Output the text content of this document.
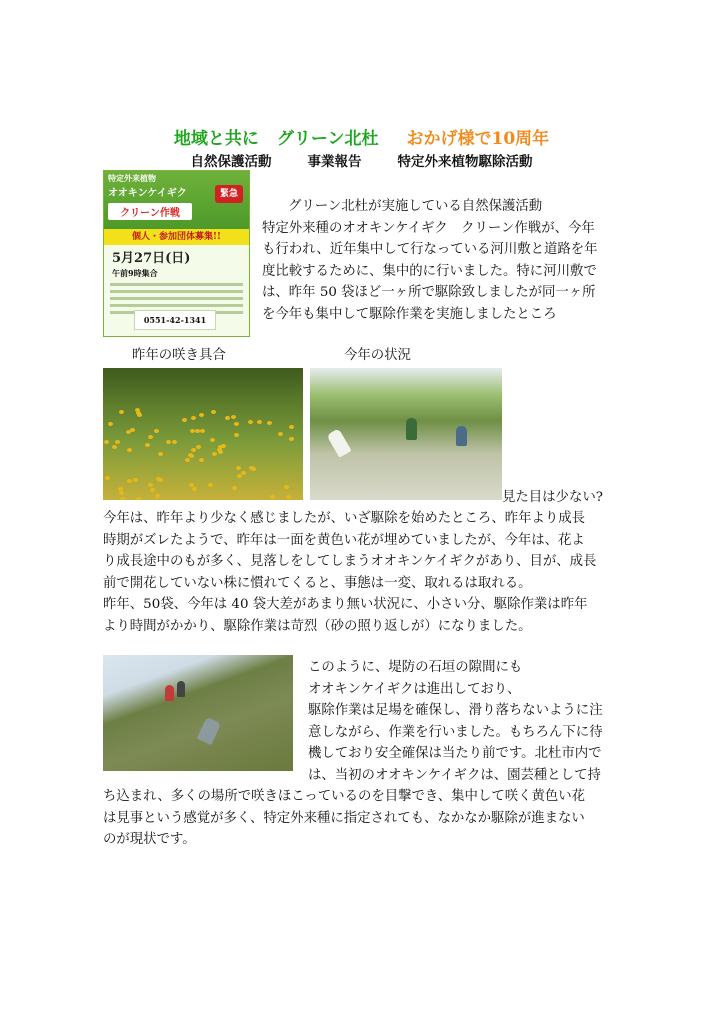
地域と共に グリーン北杜 おかげ様で10周年
自然保護活動	事業報告	特定外来植物駆除活動
特定外来植物
オオキンケイギク
クリーン作戦
緊急
個人・参加団体募集!!
5月27日(日)
午前9時集合
0551-42-1341
グリーン北杜が実施している自然保護活動
特定外来種のオオキンケイギク　クリーン作戦が、今年
も行われ、近年集中して行なっている河川敷と道路を年
度比較するために、集中的に行いました。特に河川敷で
は、昨年 50 袋ほど一ヶ所で駆除致しましたが同一ヶ所
を今年も集中して駆除作業を実施しましたところ
昨年の咲き具合	今年の状況
見た目は少ない?
今年は、昨年より少なく感じましたが、いざ駆除を始めたところ、昨年より成長
時期がズレたようで、昨年は一面を黄色い花が埋めていましたが、今年は、花よ
り成長途中のもが多く、見落しをしてしまうオオキンケイギクがあり、目が、成長
前で開花していない株に慣れてくると、事態は一変、取れるは取れる。
昨年、50袋、今年は 40 袋大差があまり無い状況に、小さい分、駆除作業は昨年
より時間がかかり、駆除作業は苛烈（砂の照り返しが）になりました。
このように、堤防の石垣の隙間にも
オオキンケイギクは進出しており、
駆除作業は足場を確保し、滑り落ちないように注
意しながら、作業を行いました。もちろん下に待
機しており安全確保は当たり前です。北杜市内で
は、当初のオオキンケイギクは、園芸種として持
ち込まれ、多くの場所で咲きほこっているのを目撃でき、集中して咲く黄色い花
は見事という感覚が多く、特定外来種に指定されても、なかなか駆除が進まない
のが現状です。
